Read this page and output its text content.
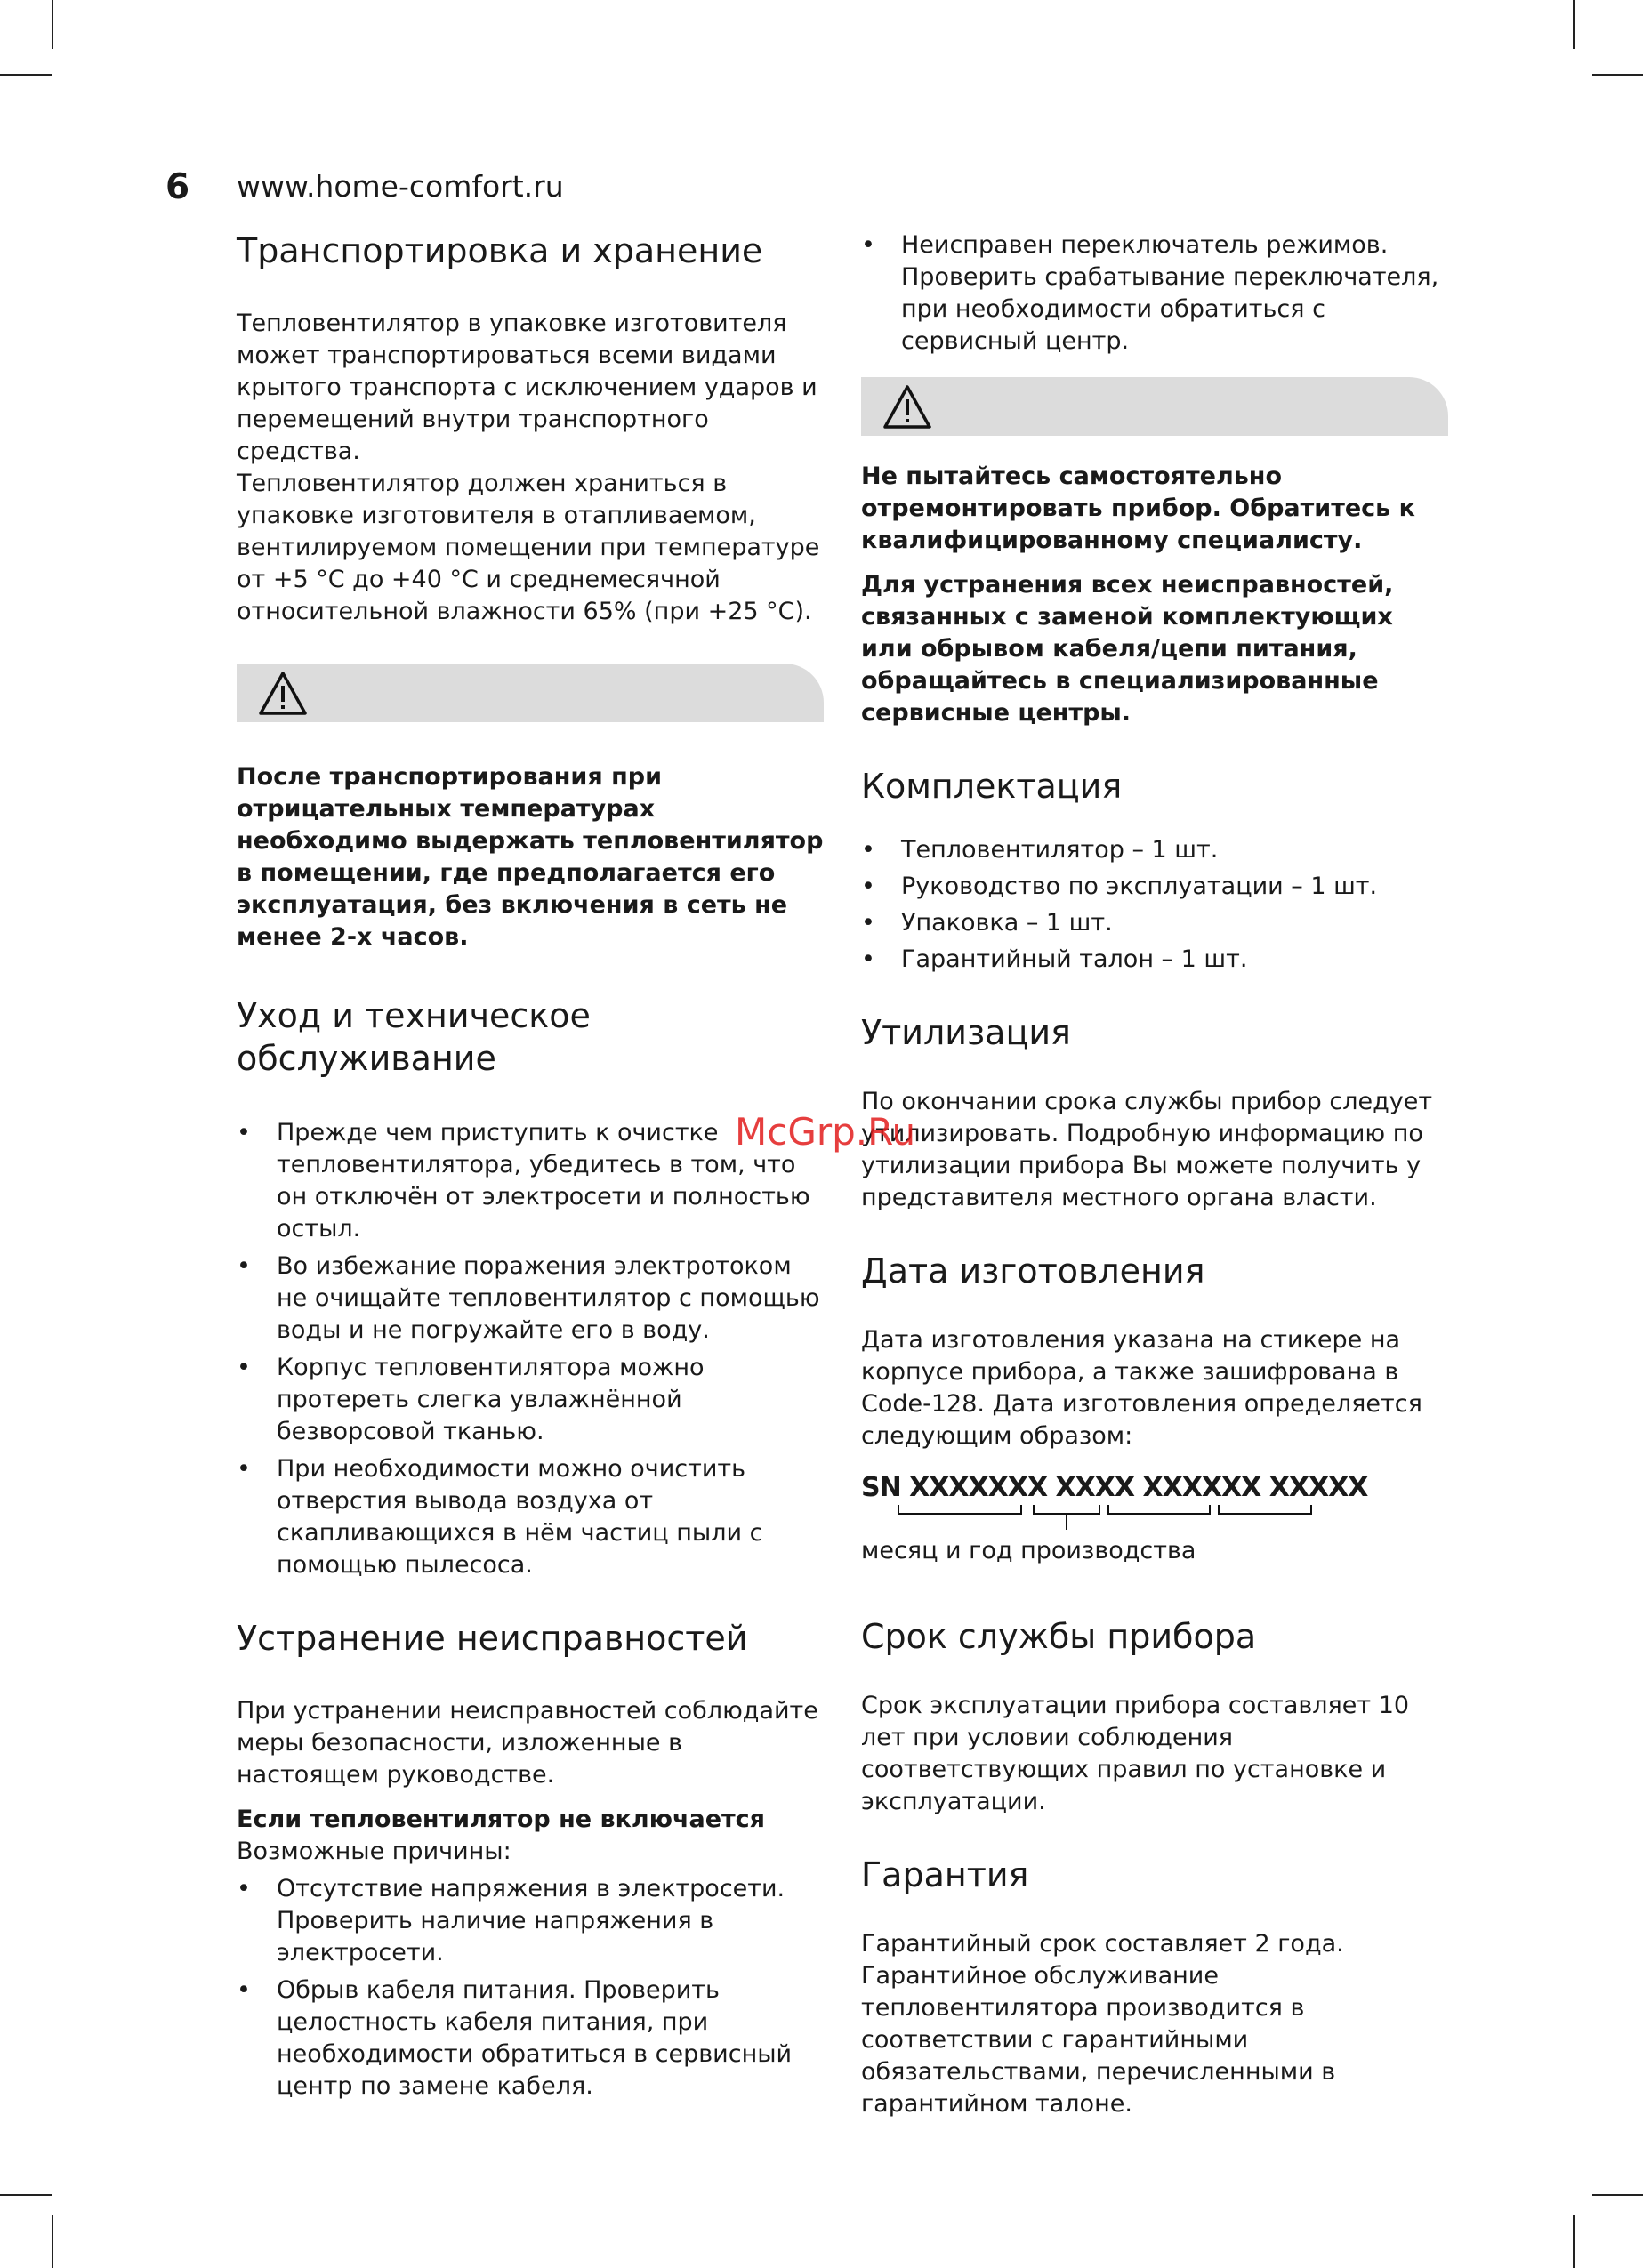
6 www.home-comfort.ru
Транспортировка и хранение

Тепловентилятор в упаковке изготовителя может транспортироваться всеми видами крытого транспорта с исключением ударов и перемещений внутри транспортного средства.

Тепловентилятор должен храниться в упаковке изготовителя в отапливаемом, вентилируемом помещении при температуре от +5 °С до +40 °С и среднемесячной относительной влажности 65% (при +25 °С).

После транспортирования при отрицательных температурах необходимо выдержать тепловентилятор в помещении, где предполагается его эксплуатация, без включения в сеть не менее 2-х часов.

Уход и техническое
обслуживание
• Прежде чем приступить к очистке тепловентилятора, убедитесь в том, что он отключён от электросети и полностью остыл.
• Во избежание поражения электротоком не очищайте тепловентилятор с помощью воды и не погружайте его в воду.
• Корпус тепловентилятора можно протереть слегка увлажнённой безворсовой тканью.
• При необходимости можно очистить отверстия вывода воздуха от скапливающихся в нём частиц пыли с помощью пылесоса.
Устранение неисправностей

При устранении неисправностей соблюдайте меры безопасности, изложенные в настоящем руководстве.

Если тепловентилятор не включается

Возможные причины:

• Отсутствие напряжения в электросети. Проверить наличие напряжения в электросети.
• Обрыв кабеля питания. Проверить целостность кабеля питания, при необходимости обратиться в сервисный центр по замене кабеля.
• Неисправен переключатель режимов. Проверить срабатывание переключателя, при необходимости обратиться с сервисный центр.

Не пытайтесь самостоятельно отремонтировать прибор. Обратитесь к квалифицированному специалисту.

Для устранения всех неисправностей, связанных с заменой комплектующих или обрывом кабеля/цепи питания, обращайтесь в специализированные сервисные центры.

Комплектация
• Тепловентилятор – 1 шт.
• Руководство по эксплуатации – 1 шт.
• Упаковка – 1 шт.
• Гарантийный талон – 1 шт.
Утилизация

По окончании срока службы прибор следует утилизировать. Подробную информацию по утилизации прибора Вы можете получить у представителя местного органа власти.

Дата изготовления

Дата изготовления указана на стикере на корпусе прибора, а также зашифрована в Code-128. Дата изготовления определяется следующим образом:

SN XXXXXXX XXXX XXXXXX XXXXX
месяц и год производства
Срок службы прибора

Срок эксплуатации прибора составляет 10 лет при условии соблюдения соответствующих правил по установке и эксплуатации.

Гарантия

Гарантийный срок составляет 2 года. Гарантийное обслуживание тепловентилятора производится в соответствии с гарантийными обязательствами, перечисленными в гарантийном талоне.

McGrp.Ru
